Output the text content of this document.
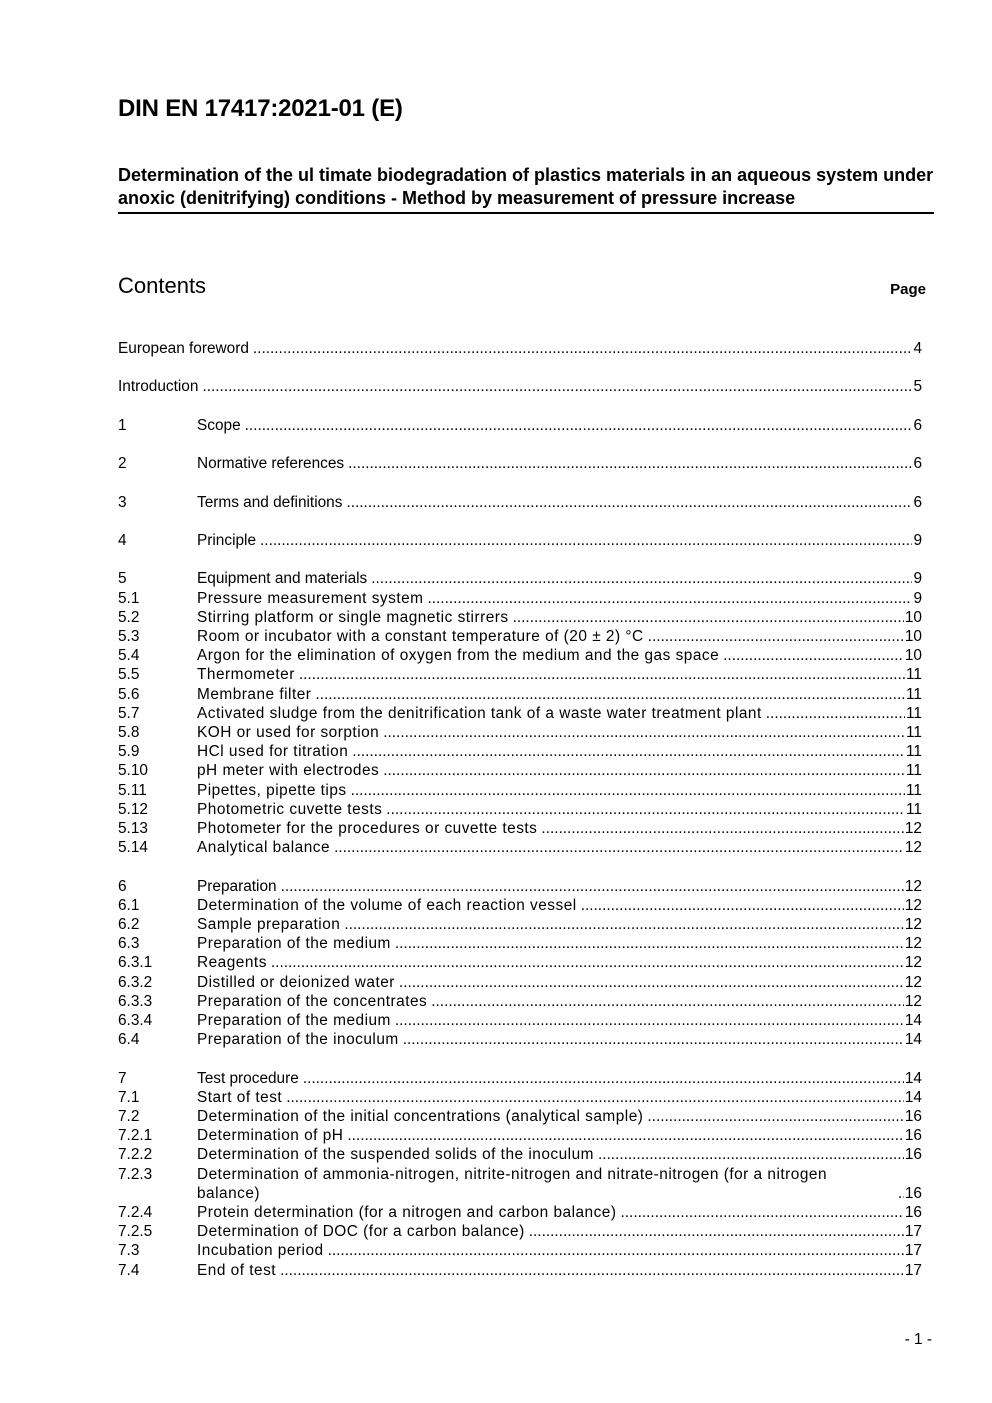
DIN EN 17417:2021-01 (E)
Determination of the ul timate biodegradation of plastics materials in an aqueous system under anoxic (denitrifying) conditions - Method by measurement of pressure increase
Contents	Page
European foreword .....	4
Introduction .....	5
1	Scope .....	6
2	Normative references .....	6
3	Terms and definitions .....	6
4	Principle .....	9
5	Equipment and materials .....	9
5.1	Pressure measurement system .....	9
5.2	Stirring platform or single magnetic stirrers .....	10
5.3	Room or incubator with a constant temperature of (20 ± 2) °C .....	10
5.4	Argon for the elimination of oxygen from the medium and the gas space .....	10
5.5	Thermometer .....	11
5.6	Membrane filter .....	11
5.7	Activated sludge from the denitrification tank of a waste water treatment plant .....	11
5.8	KOH or used for sorption .....	11
5.9	HCl used for titration .....	11
5.10	pH meter with electrodes .....	11
5.11	Pipettes, pipette tips .....	11
5.12	Photometric cuvette tests .....	11
5.13	Photometer for the procedures or cuvette tests .....	12
5.14	Analytical balance .....	12
6	Preparation .....	12
6.1	Determination of the volume of each reaction vessel .....	12
6.2	Sample preparation .....	12
6.3	Preparation of the medium .....	12
6.3.1	Reagents .....	12
6.3.2	Distilled or deionized water .....	12
6.3.3	Preparation of the concentrates .....	12
6.3.4	Preparation of the medium .....	14
6.4	Preparation of the inoculum .....	14
7	Test procedure .....	14
7.1	Start of test .....	14
7.2	Determination of the initial concentrations (analytical sample) .....	16
7.2.1	Determination of pH .....	16
7.2.2	Determination of the suspended solids of the inoculum .....	16
7.2.3	Determination of ammonia-nitrogen, nitrite-nitrogen and nitrate-nitrogen (for a nitrogen balance) .....	16
7.2.4	Protein determination (for a nitrogen and carbon balance) .....	16
7.2.5	Determination of DOC (for a carbon balance) .....	17
7.3	Incubation period .....	17
7.4	End of test .....	17
- 1 -
